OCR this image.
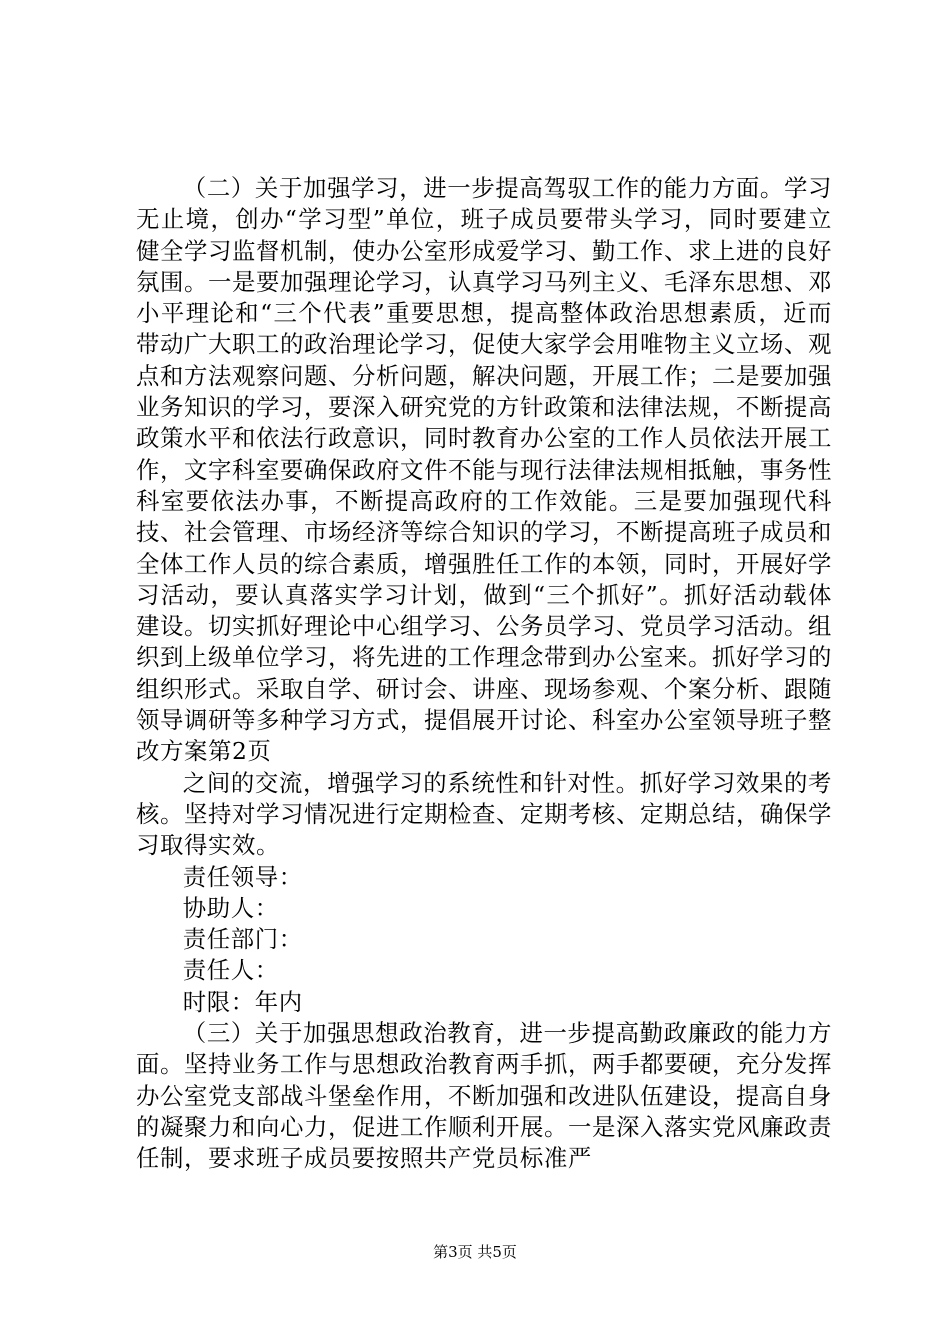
（二）关于加强学习，进一步提高驾驭工作的能力方面。学习无止境，创办“学习型”单位，班子成员要带头学习，同时要建立健全学习监督机制，使办公室形成爱学习、勤工作、求上进的良好氛围。一是要加强理论学习，认真学习马列主义、毛泽东思想、邓小平理论和“三个代表”重要思想，提高整体政治思想素质，近而带动广大职工的政治理论学习，促使大家学会用唯物主义立场、观点和方法观察问题、分析问题，解决问题，开展工作；二是要加强业务知识的学习，要深入研究党的方针政策和法律法规，不断提高政策水平和依法行政意识，同时教育办公室的工作人员依法开展工作，文字科室要确保政府文件不能与现行法律法规相抵触，事务性科室要依法办事，不断提高政府的工作效能。三是要加强现代科技、社会管理、市场经济等综合知识的学习，不断提高班子成员和全体工作人员的综合素质，增强胜任工作的本领，同时，开展好学习活动，要认真落实学习计划，做到“三个抓好”。抓好活动载体建设。切实抓好理论中心组学习、公务员学习、党员学习活动。组织到上级单位学习，将先进的工作理念带到办公室来。抓好学习的组织形式。采取自学、研讨会、讲座、现场参观、个案分析、跟随领导调研等多种学习方式，提倡展开讨论、科室办公室领导班子整改方案第2页

之间的交流，增强学习的系统性和针对性。抓好学习效果的考核。坚持对学习情况进行定期检查、定期考核、定期总结，确保学习取得实效。

责任领导：

协助人：

责任部门：

责任人：

时限：年内

（三）关于加强思想政治教育，进一步提高勤政廉政的能力方面。坚持业务工作与思想政治教育两手抓，两手都要硬，充分发挥办公室党支部战斗堡垒作用，不断加强和改进队伍建设，提高自身的凝聚力和向心力，促进工作顺利开展。一是深入落实党风廉政责任制，要求班子成员要按照共产党员标准严

第3页 共5页
